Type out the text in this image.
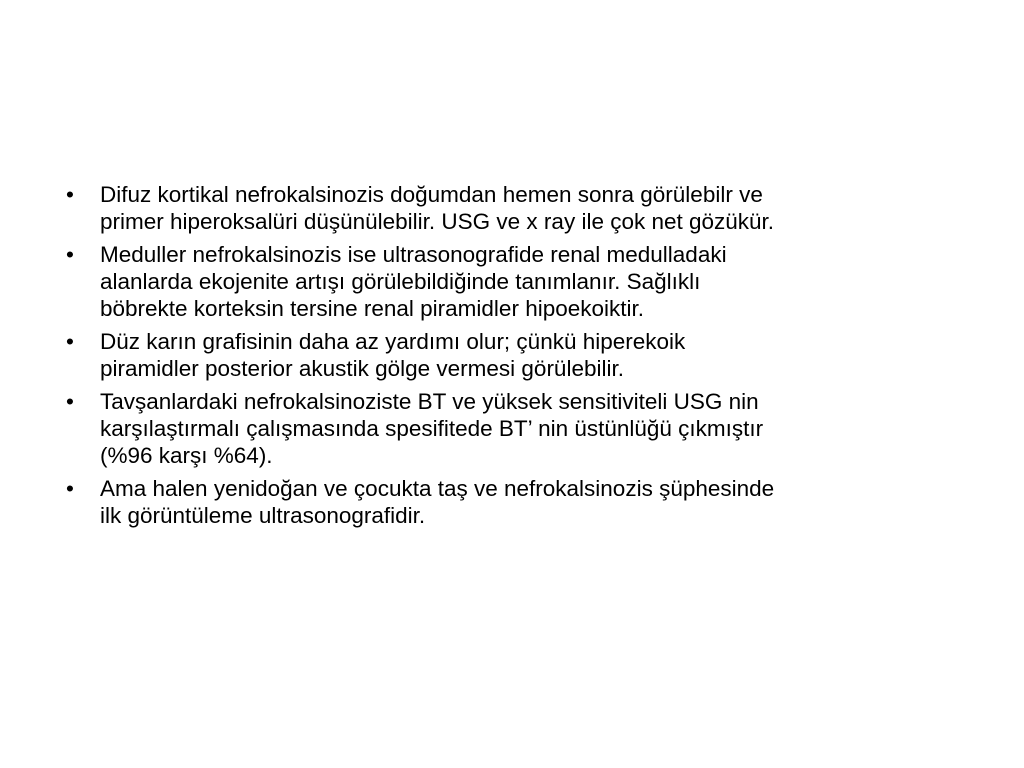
• Difuz kortikal nefrokalsinozis doğumdan hemen sonra görülebilr ve
primer hiperoksalüri düşünülebilir. USG ve x ray ile çok net gözükür.
• Meduller nefrokalsinozis ise ultrasonografide renal medulladaki
alanlarda ekojenite artışı görülebildiğinde tanımlanır. Sağlıklı
böbrekte korteksin tersine renal piramidler hipoekoiktir.
• Düz karın grafisinin daha az yardımı olur; çünkü hiperekoik
piramidler posterior akustik gölge vermesi görülebilir.
• Tavşanlardaki nefrokalsinoziste BT ve yüksek sensitiviteli USG nin
karşılaştırmalı çalışmasında spesifitede BT’ nin üstünlüğü çıkmıştır
(%96 karşı %64).
• Ama halen yenidoğan ve çocukta taş ve nefrokalsinozis şüphesinde
ilk görüntüleme ultrasonografidir.
